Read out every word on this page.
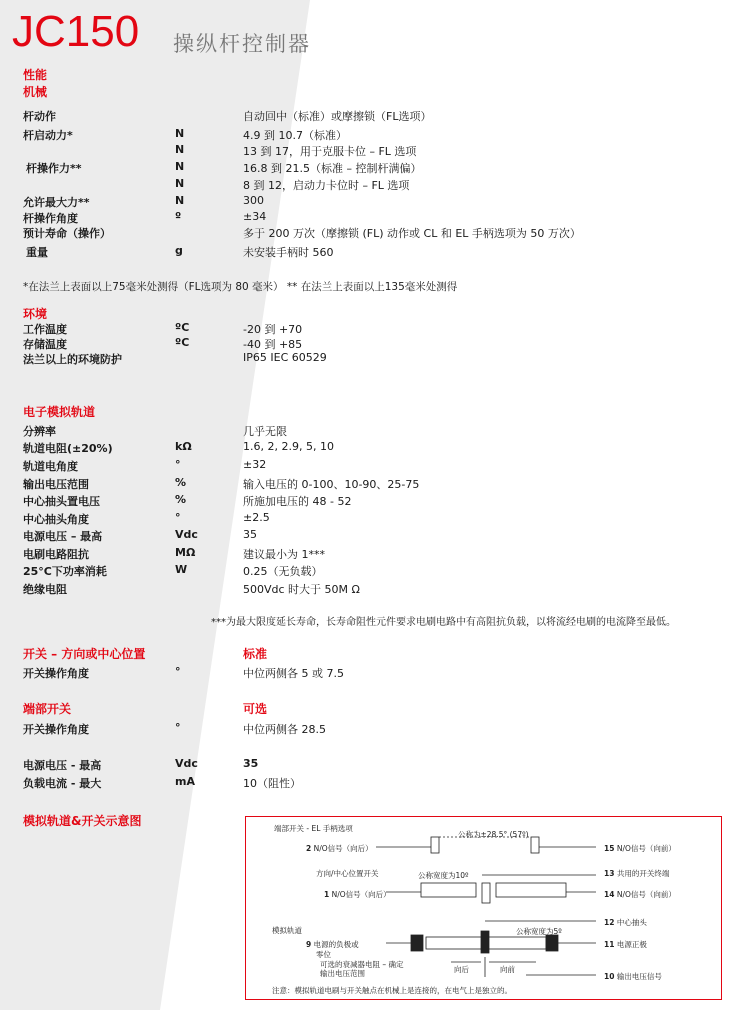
JC150 操纵杆控制器
性能
机械
杆动作	自动回中（标准）或摩擦锁（FL选项）
杆启动力*	N	4.9 到 10.7（标准）
N	13 到 17，用于克服卡位 – FL 选项
杆操作力**	N	16.8 到 21.5（标准 – 控制杆满偏）
N	8 到 12，启动力卡位时 – FL 选项
允许最大力**	N	300
杆操作角度	º	±34
预计寿命（操作）	多于 200 万次（摩擦锁 (FL) 动作或 CL 和 EL 手柄选项为 50 万次）
重量	g	未安装手柄时 560
*在法兰上表面以上75毫米处测得（FL选项为 80 毫米） ** 在法兰上表面以上135毫米处测得
环境
工作温度	ºC	-20 到 +70
存储温度	ºC	-40 到 +85
法兰以上的环境防护	IP65 IEC 60529
电子模拟轨道
分辨率	几乎无限
轨道电阻(±20%)	kΩ	1.6, 2, 2.9, 5, 10
轨道电角度	°	±32
输出电压范围	%	输入电压的 0-100、10-90、25-75
中心抽头置电压	%	所施加电压的 48 - 52
中心抽头角度	°	±2.5
电源电压 – 最高	Vdc	35
电刷电路阻抗	MΩ	建议最小为 1***
25°C下功率消耗	W	0.25（无负载）
绝缘电阻	500Vdc 时大于 50M Ω
***为最大限度延长寿命，长寿命阻性元件要求电刷电路中有高阻抗负载，以将流经电刷的电流降至最低。
开关 – 方向或中心位置	标准
开关操作角度	°	中位两侧各 5 或 7.5
端部开关	可选
开关操作角度	°	中位两侧各 28.5
电源电压 - 最高	Vdc	35
负载电流 - 最大	mA	10（阻性）
模拟轨道&开关示意图
端部开关 - EL 手柄选项
公称为±28.5° (57º)
2 N/O信号（向后）	15 N/O信号（向前）
方向/中心位置开关	公称宽度为10º	13 共用的开关终端
1 N/O信号（向后）	14 N/O信号（向前）
模拟轨道
12 中心抽头
9 电源的负极或
零位
公称宽度为5º
11 电源正极
可选的衰减器电阻 – 确定
输出电压范围	向后	向前
10 输出电压信号
注意：模拟轨道电刷与开关触点在机械上是连接的，在电气上是独立的。
